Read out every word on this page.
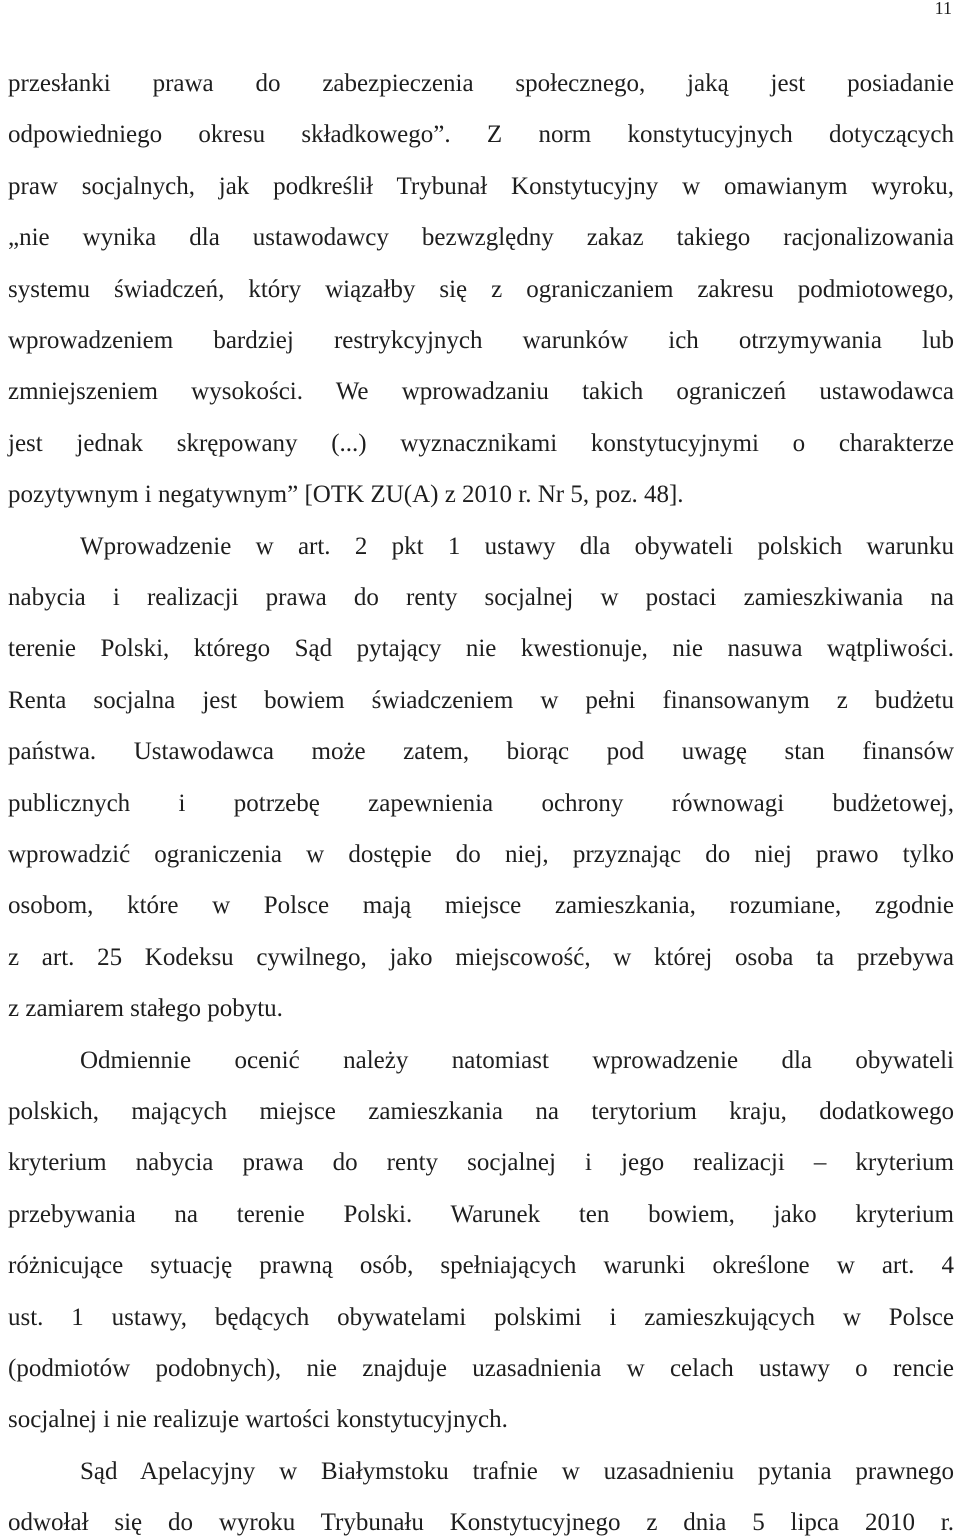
11
przesłanki prawa do zabezpieczenia społecznego, jaką jest posiadanie
odpowiedniego okresu składkowego”. Z norm konstytucyjnych dotyczących
praw socjalnych, jak podkreślił Trybunał Konstytucyjny w omawianym wyroku,
„nie wynika dla ustawodawcy bezwzględny zakaz takiego racjonalizowania
systemu świadczeń, który wiązałby się z ograniczaniem zakresu podmiotowego,
wprowadzeniem bardziej restrykcyjnych warunków ich otrzymywania lub
zmniejszeniem wysokości. We wprowadzaniu takich ograniczeń ustawodawca
jest jednak skrępowany (...) wyznacznikami konstytucyjnymi o charakterze
pozytywnym i negatywnym” [OTK ZU(A) z 2010 r. Nr 5, poz. 48].
Wprowadzenie w art. 2 pkt 1 ustawy dla obywateli polskich warunku
nabycia i realizacji prawa do renty socjalnej w postaci zamieszkiwania na
terenie Polski, którego Sąd pytający nie kwestionuje, nie nasuwa wątpliwości.
Renta socjalna jest bowiem świadczeniem w pełni finansowanym z budżetu
państwa. Ustawodawca może zatem, biorąc pod uwagę stan finansów
publicznych i potrzebę zapewnienia ochrony równowagi budżetowej,
wprowadzić ograniczenia w dostępie do niej, przyznając do niej prawo tylko
osobom, które w Polsce mają miejsce zamieszkania, rozumiane, zgodnie
z art. 25 Kodeksu cywilnego, jako miejscowość, w której osoba ta przebywa
z zamiarem stałego pobytu.
Odmiennie ocenić należy natomiast wprowadzenie dla obywateli
polskich, mających miejsce zamieszkania na terytorium kraju, dodatkowego
kryterium nabycia prawa do renty socjalnej i jego realizacji – kryterium
przebywania na terenie Polski. Warunek ten bowiem, jako kryterium
różnicujące sytuację prawną osób, spełniających warunki określone w art. 4
ust. 1 ustawy, będących obywatelami polskimi i zamieszkujących w Polsce
(podmiotów podobnych), nie znajduje uzasadnienia w celach ustawy o rencie
socjalnej i nie realizuje wartości konstytucyjnych.
Sąd Apelacyjny w Białymstoku trafnie w uzasadnieniu pytania prawnego
odwołał się do wyroku Trybunału Konstytucyjnego z dnia 5 lipca 2010 r.
